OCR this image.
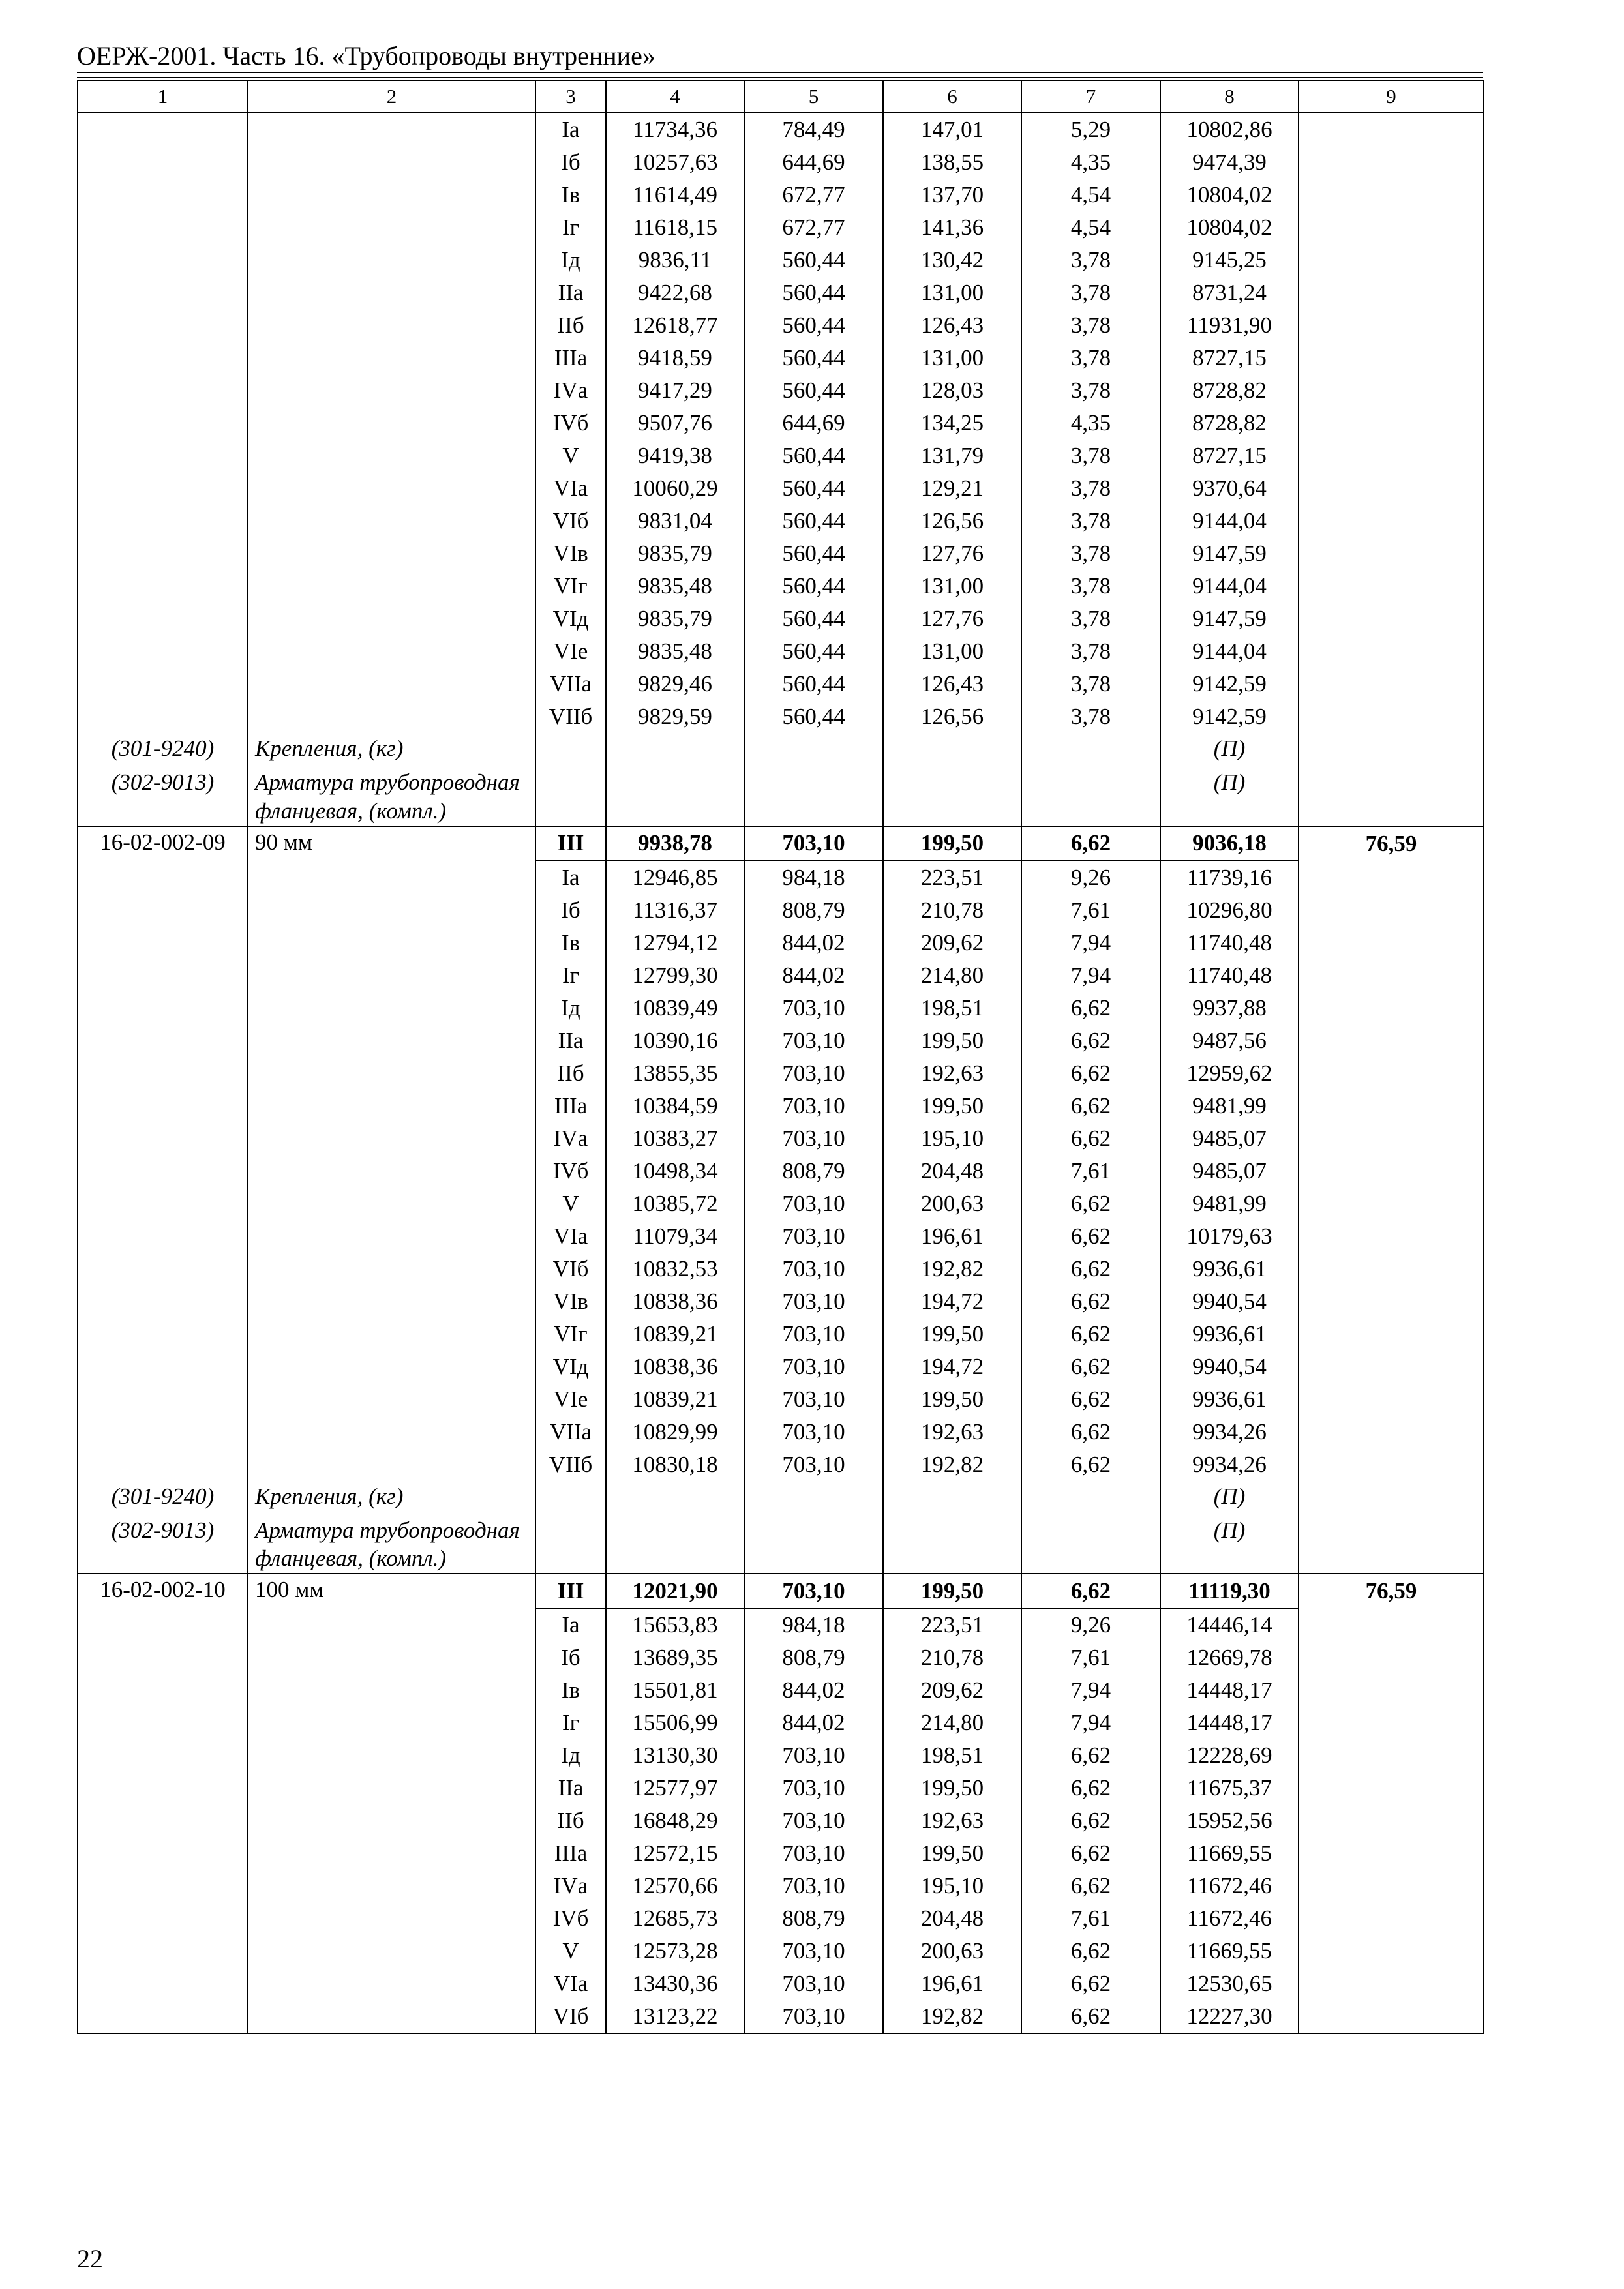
ОЕРЖ-2001. Часть 16. «Трубопроводы внутренние»
1	2	3	4	5	6	7	8	9
		Iа	11734,36	784,49	147,01	5,29	10802,86	
		Iб	10257,63	644,69	138,55	4,35	9474,39	
		Iв	11614,49	672,77	137,70	4,54	10804,02	
		Iг	11618,15	672,77	141,36	4,54	10804,02	
		Iд	9836,11	560,44	130,42	3,78	9145,25	
		IIа	9422,68	560,44	131,00	3,78	8731,24	
		IIб	12618,77	560,44	126,43	3,78	11931,90	
		IIIа	9418,59	560,44	131,00	3,78	8727,15	
		IVа	9417,29	560,44	128,03	3,78	8728,82	
		IVб	9507,76	644,69	134,25	4,35	8728,82	
		V	9419,38	560,44	131,79	3,78	8727,15	
		VIа	10060,29	560,44	129,21	3,78	9370,64	
		VIб	9831,04	560,44	126,56	3,78	9144,04	
		VIв	9835,79	560,44	127,76	3,78	9147,59	
		VIг	9835,48	560,44	131,00	3,78	9144,04	
		VIд	9835,79	560,44	127,76	3,78	9147,59	
		VIе	9835,48	560,44	131,00	3,78	9144,04	
		VIIа	9829,46	560,44	126,43	3,78	9142,59	
		VIIб	9829,59	560,44	126,56	3,78	9142,59	
(301-9240)	Крепления, (кг)						(П)	
(302-9013)	Арматура трубопроводная фланцевая, (компл.)						(П)	
16-02-002-09	90 мм	III	9938,78	703,10	199,50	6,62	9036,18	76,59
		Iа	12946,85	984,18	223,51	9,26	11739,16	
		Iб	11316,37	808,79	210,78	7,61	10296,80	
		Iв	12794,12	844,02	209,62	7,94	11740,48	
		Iг	12799,30	844,02	214,80	7,94	11740,48	
		Iд	10839,49	703,10	198,51	6,62	9937,88	
		IIа	10390,16	703,10	199,50	6,62	9487,56	
		IIб	13855,35	703,10	192,63	6,62	12959,62	
		IIIа	10384,59	703,10	199,50	6,62	9481,99	
		IVа	10383,27	703,10	195,10	6,62	9485,07	
		IVб	10498,34	808,79	204,48	7,61	9485,07	
		V	10385,72	703,10	200,63	6,62	9481,99	
		VIа	11079,34	703,10	196,61	6,62	10179,63	
		VIб	10832,53	703,10	192,82	6,62	9936,61	
		VIв	10838,36	703,10	194,72	6,62	9940,54	
		VIг	10839,21	703,10	199,50	6,62	9936,61	
		VIд	10838,36	703,10	194,72	6,62	9940,54	
		VIе	10839,21	703,10	199,50	6,62	9936,61	
		VIIа	10829,99	703,10	192,63	6,62	9934,26	
		VIIб	10830,18	703,10	192,82	6,62	9934,26	
(301-9240)	Крепления, (кг)						(П)	
(302-9013)	Арматура трубопроводная фланцевая, (компл.)						(П)	
16-02-002-10	100 мм	III	12021,90	703,10	199,50	6,62	11119,30	76,59
		Iа	15653,83	984,18	223,51	9,26	14446,14	
		Iб	13689,35	808,79	210,78	7,61	12669,78	
		Iв	15501,81	844,02	209,62	7,94	14448,17	
		Iг	15506,99	844,02	214,80	7,94	14448,17	
		Iд	13130,30	703,10	198,51	6,62	12228,69	
		IIа	12577,97	703,10	199,50	6,62	11675,37	
		IIб	16848,29	703,10	192,63	6,62	15952,56	
		IIIа	12572,15	703,10	199,50	6,62	11669,55	
		IVа	12570,66	703,10	195,10	6,62	11672,46	
		IVб	12685,73	808,79	204,48	7,61	11672,46	
		V	12573,28	703,10	200,63	6,62	11669,55	
		VIа	13430,36	703,10	196,61	6,62	12530,65	
		VIб	13123,22	703,10	192,82	6,62	12227,30	
22
